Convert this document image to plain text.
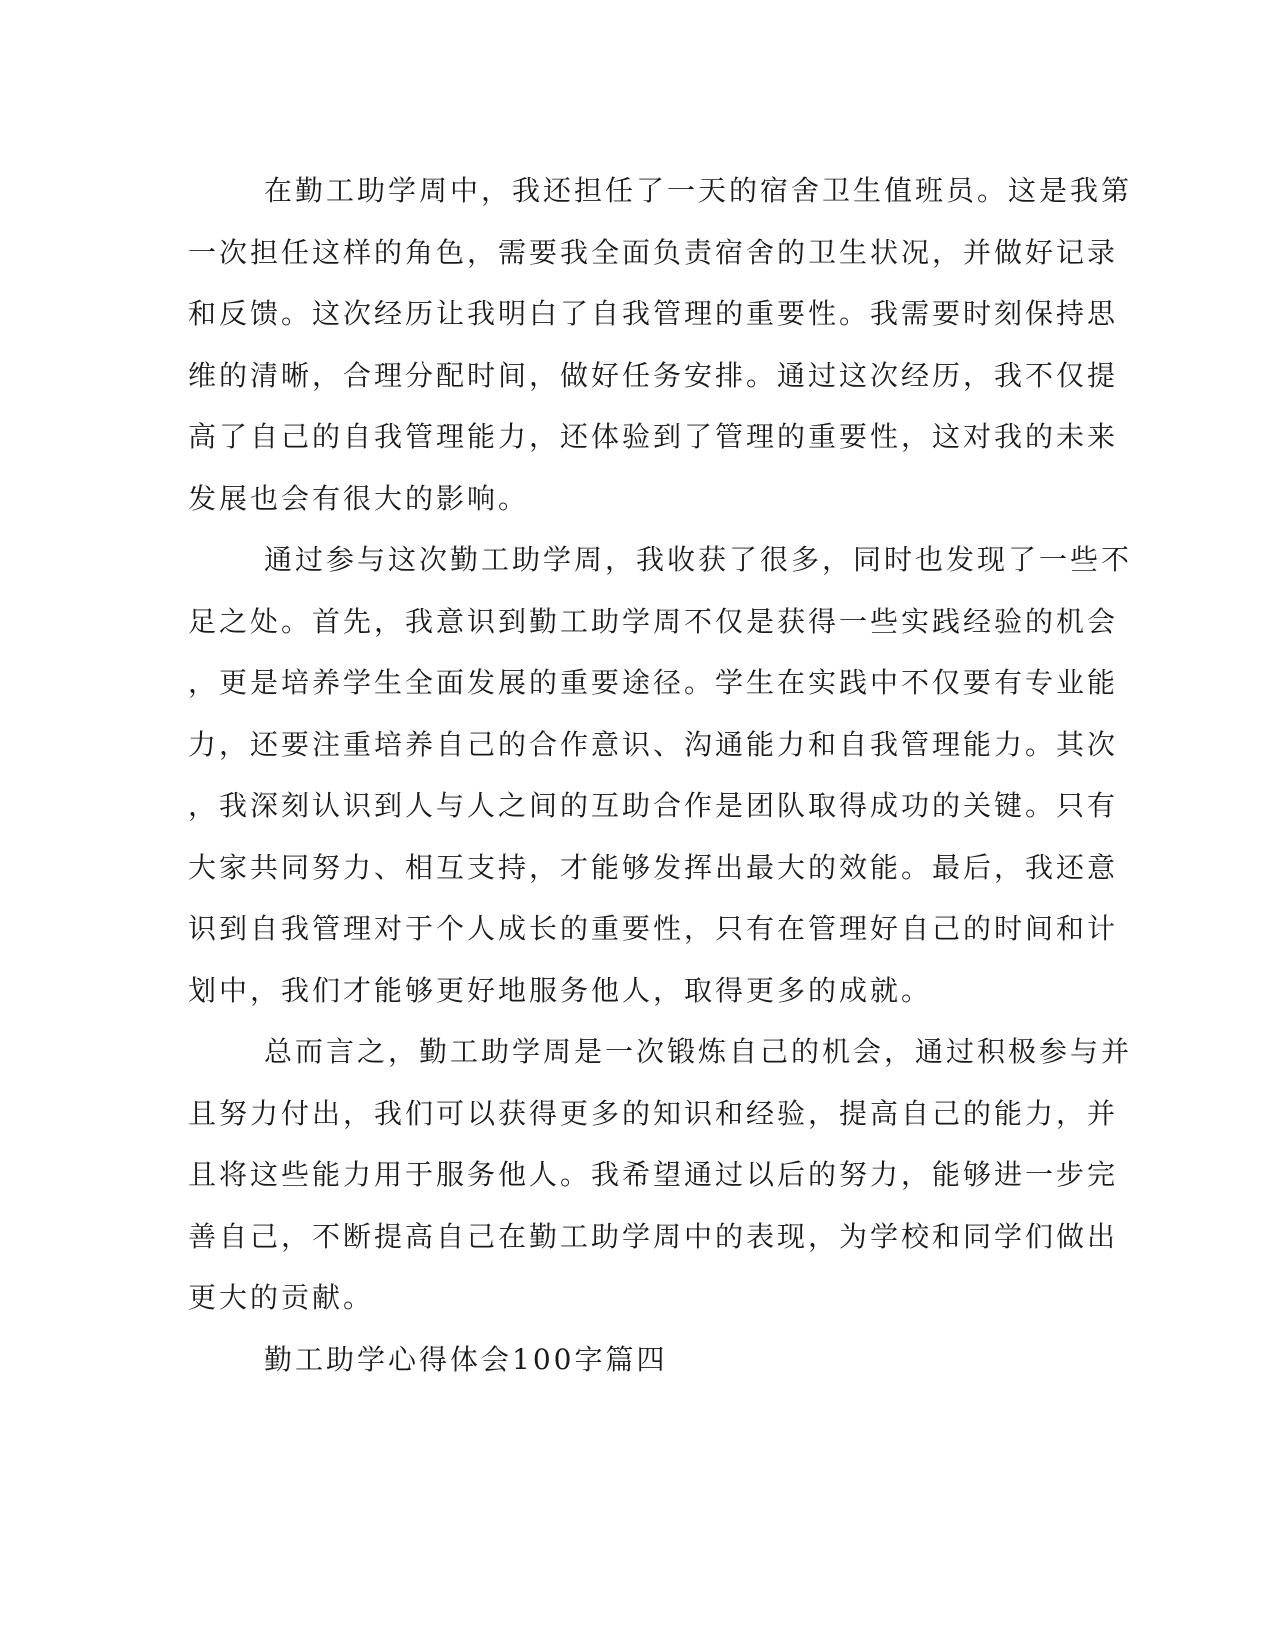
在勤工助学周中，我还担任了一天的宿舍卫生值班员。这是我第
一次担任这样的角色，需要我全面负责宿舍的卫生状况，并做好记录
和反馈。这次经历让我明白了自我管理的重要性。我需要时刻保持思
维的清晰，合理分配时间，做好任务安排。通过这次经历，我不仅提
高了自己的自我管理能力，还体验到了管理的重要性，这对我的未来
发展也会有很大的影响。
通过参与这次勤工助学周，我收获了很多，同时也发现了一些不
足之处。首先，我意识到勤工助学周不仅是获得一些实践经验的机会
，更是培养学生全面发展的重要途径。学生在实践中不仅要有专业能
力，还要注重培养自己的合作意识、沟通能力和自我管理能力。其次
，我深刻认识到人与人之间的互助合作是团队取得成功的关键。只有
大家共同努力、相互支持，才能够发挥出最大的效能。最后，我还意
识到自我管理对于个人成长的重要性，只有在管理好自己的时间和计
划中，我们才能够更好地服务他人，取得更多的成就。
总而言之，勤工助学周是一次锻炼自己的机会，通过积极参与并
且努力付出，我们可以获得更多的知识和经验，提高自己的能力，并
且将这些能力用于服务他人。我希望通过以后的努力，能够进一步完
善自己，不断提高自己在勤工助学周中的表现，为学校和同学们做出
更大的贡献。
勤工助学心得体会100字篇四
